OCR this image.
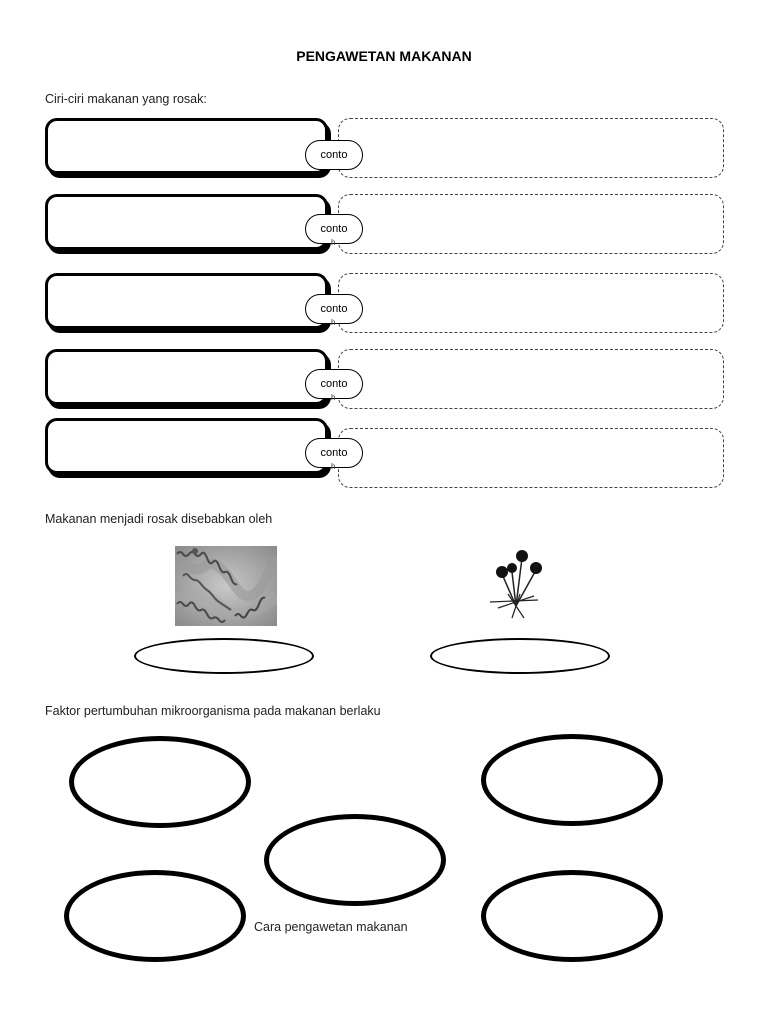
PENGAWETAN MAKANAN
Ciri-ciri makanan yang rosak:
conto
conto
h
conto
h
conto
h
conto
h
Makanan menjadi rosak disebabkan oleh
Faktor pertumbuhan mikroorganisma pada makanan berlaku
Cara pengawetan makanan
